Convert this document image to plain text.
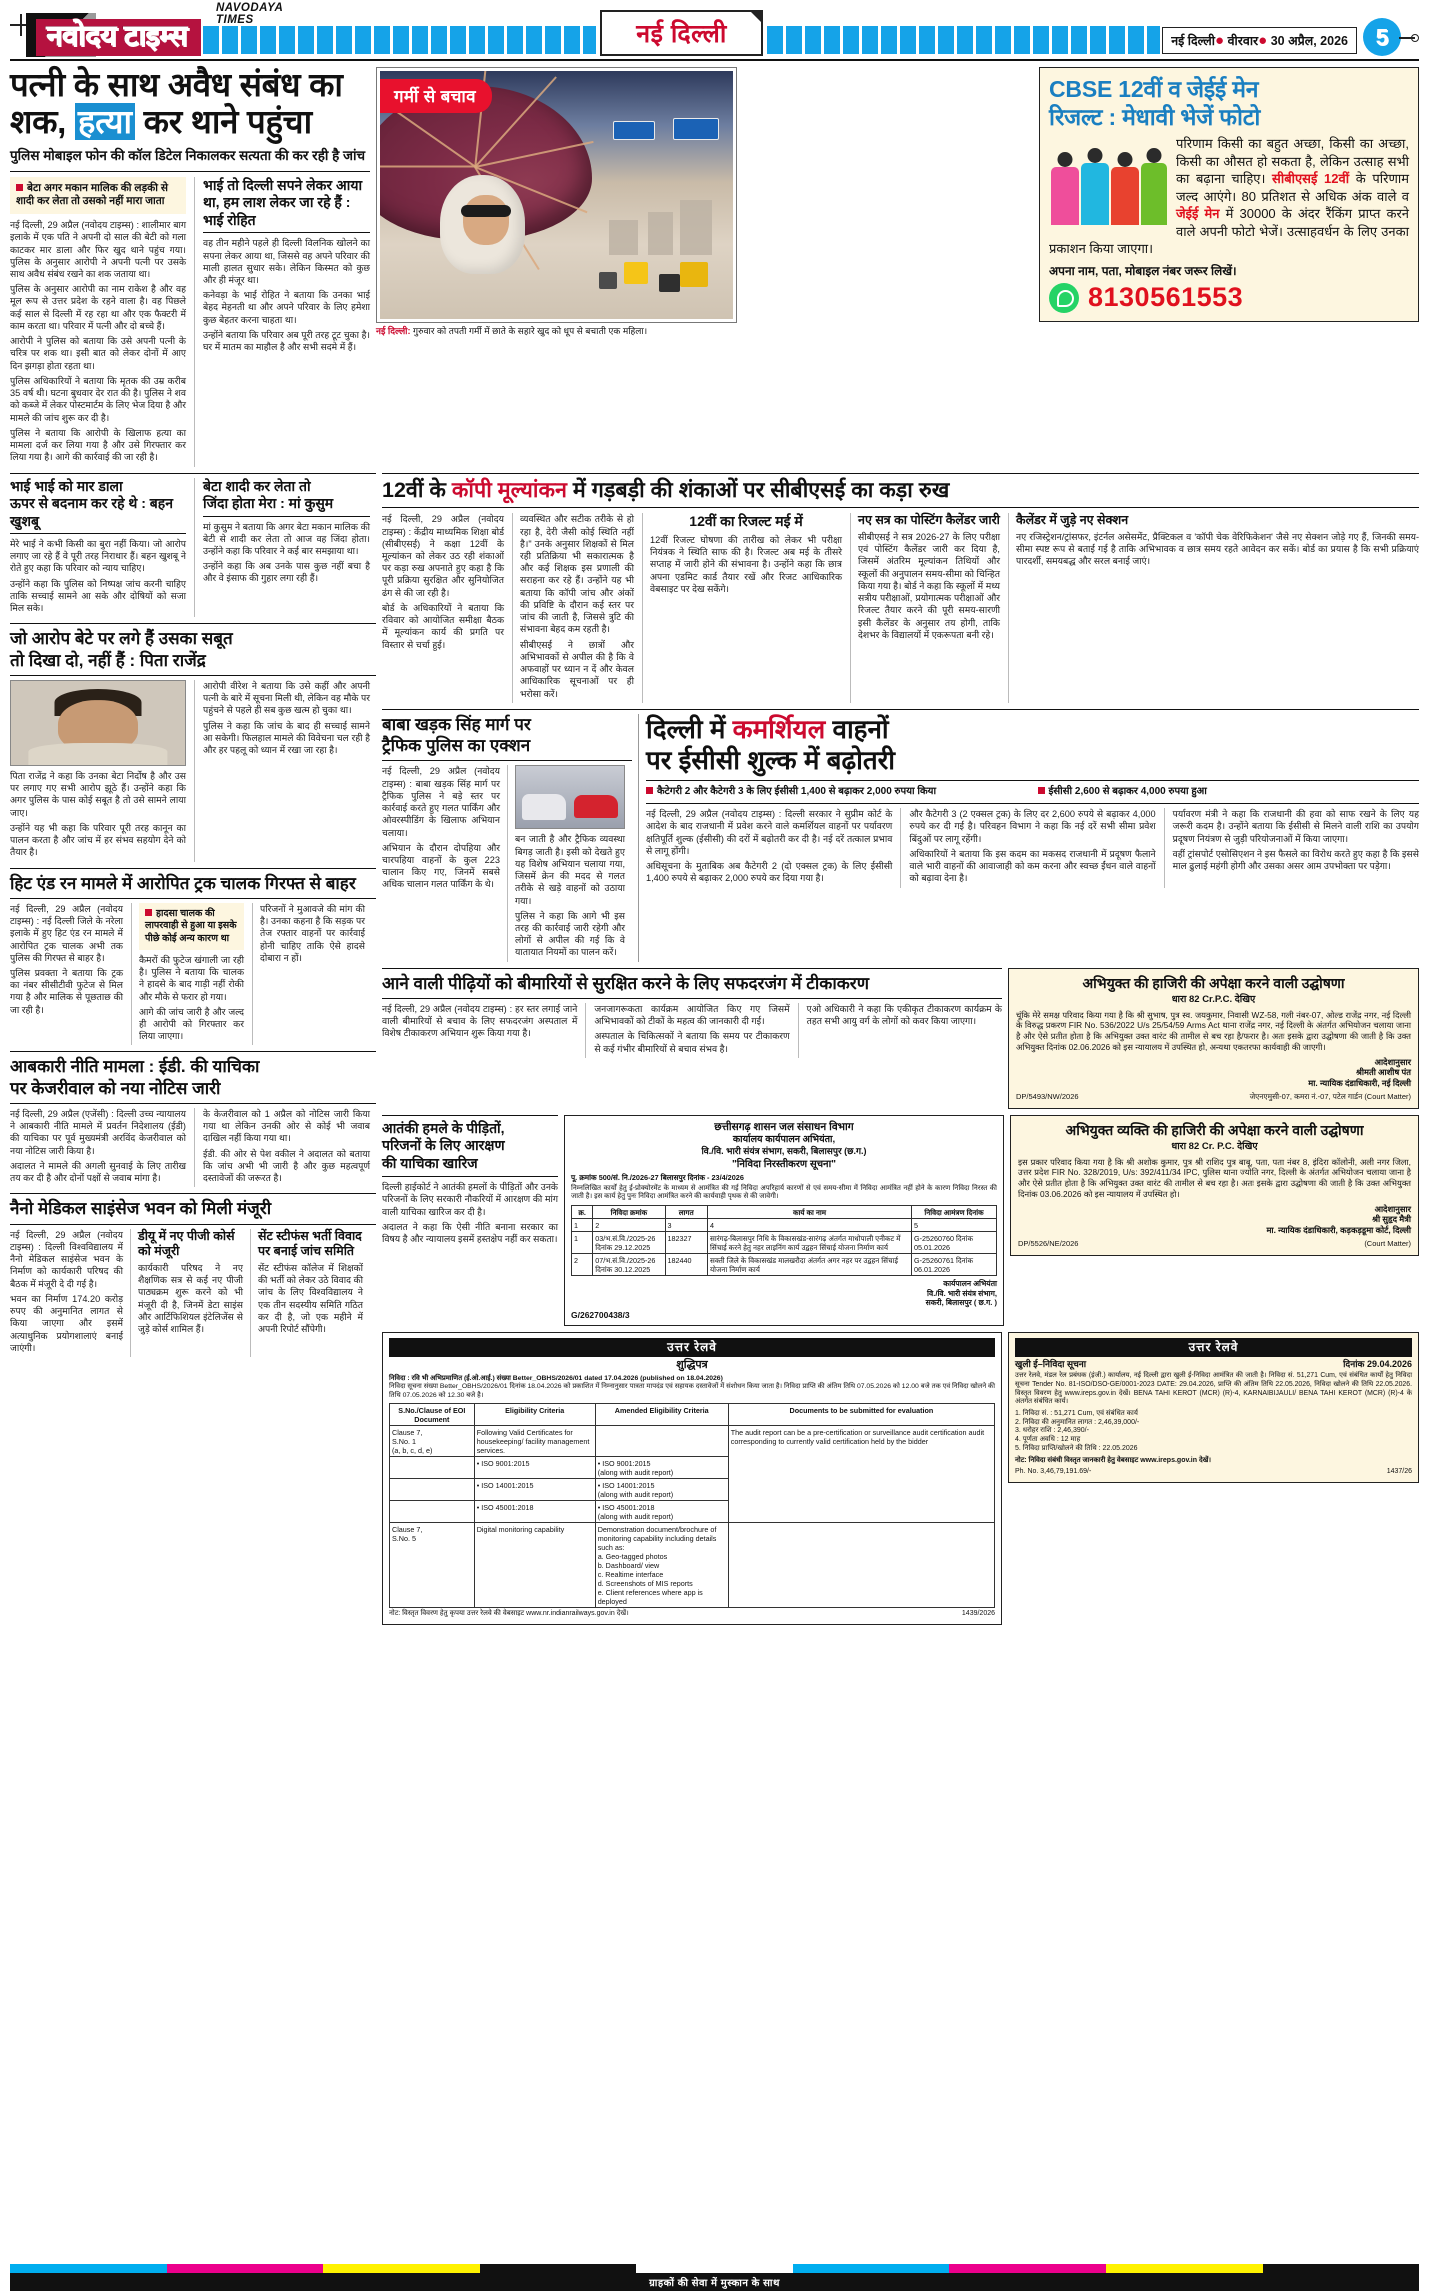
NAVODAYA TIMES
नवोदय टाइम्स	नई दिल्ली	नई दिल्ली● वीरवार● 30 अप्रैल, 2026	5
पत्नी के साथ अवैध संबंध का
शक, हत्या कर थाने पहुंचा
पुलिस मोबाइल फोन की कॉल डिटेल निकालकर सत्यता की कर रही है जांच
बेटा अगर मकान मालिक की लड़की से शादी कर लेता तो उसको नहीं मारा जाता

नई दिल्ली, 29 अप्रैल (नवोदय टाइम्स) : शालीमार बाग इलाके में एक पति ने अपनी दो साल की बेटी को गला काटकर मार डाला और फिर खुद थाने पहुंच गया। पुलिस के अनुसार आरोपी ने अपनी पत्नी पर उसके साथ अवैध संबंध रखने का शक जताया था।

पुलिस के अनुसार आरोपी का नाम राकेश है और वह मूल रूप से उत्तर प्रदेश के रहने वाला है। वह पिछले कई साल से दिल्ली में रह रहा था और एक फैक्टरी में काम करता था। परिवार में पत्नी और दो बच्चे हैं।

आरोपी ने पुलिस को बताया कि उसे अपनी पत्नी के चरित्र पर शक था। इसी बात को लेकर दोनों में आए दिन झगड़ा होता रहता था।

पुलिस अधिकारियों ने बताया कि मृतक की उम्र करीब 35 वर्ष थी। घटना बुधवार देर रात की है। पुलिस ने शव को कब्जे में लेकर पोस्टमार्टम के लिए भेज दिया है और मामले की जांच शुरू कर दी है।

पुलिस ने बताया कि आरोपी के खिलाफ हत्या का मामला दर्ज कर लिया गया है और उसे गिरफ्तार कर लिया गया है। आगे की कार्रवाई की जा रही है।

भाई तो दिल्ली सपने लेकर आया था, हम लाश लेकर जा रहे हैं : भाई रोहित

वह तीन महीने पहले ही दिल्ली विलनिक खोलने का सपना लेकर आया था, जिससे वह अपने परिवार की माली हालत सुधार सके। लेकिन किस्मत को कुछ और ही मंजूर था।

कनेवड़ा के भाई रोहित ने बताया कि उनका भाई बेहद मेहनती था और अपने परिवार के लिए हमेशा कुछ बेहतर करना चाहता था।

उन्होंने बताया कि परिवार अब पूरी तरह टूट चुका है। घर में मातम का माहौल है और सभी सदमे में हैं।

गर्मी से बचाव
नई दिल्ली: गुरुवार को तपती गर्मी में छाते के सहारे खुद को धूप से बचाती एक महिला।
CBSE 12वीं व जेईई मेन
रिजल्ट : मेधावी भेजें फोटो
परिणाम किसी का बहुत अच्छा, किसी का अच्छा, किसी का औसत हो सकता है, लेकिन उत्साह सभी का बढ़ाना चाहिए। सीबीएसई 12वीं के परिणाम जल्द आएंगे। 80 प्रतिशत से अधिक अंक वाले व जेईई मेन में 30000 के अंदर रैंकिंग प्राप्त करने वाले अपनी फोटो भेजें। उत्साहवर्धन के लिए उनका प्रकाशन किया जाएगा।
अपना नाम, पता, मोबाइल नंबर जरूर लिखें।
8130561553
भाई भाई को मार डाला
ऊपर से बदनाम कर रहे थे : बहन खुशबू

मेरे भाई ने कभी किसी का बुरा नहीं किया। जो आरोप लगाए जा रहे हैं वे पूरी तरह निराधार हैं। बहन खुशबू ने रोते हुए कहा कि परिवार को न्याय चाहिए।

उन्होंने कहा कि पुलिस को निष्पक्ष जांच करनी चाहिए ताकि सच्चाई सामने आ सके और दोषियों को सजा मिल सके।

बेटा शादी कर लेता तो
जिंदा होता मेरा : मां कुसुम

मां कुसुम ने बताया कि अगर बेटा मकान मालिक की बेटी से शादी कर लेता तो आज वह जिंदा होता। उन्होंने कहा कि परिवार ने कई बार समझाया था।

उन्होंने कहा कि अब उनके पास कुछ नहीं बचा है और वे इंसाफ की गुहार लगा रही हैं।

जो आरोप बेटे पर लगे हैं उसका सबूत
तो दिखा दो, नहीं हैं : पिता राजेंद्र

पिता राजेंद्र ने कहा कि उनका बेटा निर्दोष है और उस पर लगाए गए सभी आरोप झूठे हैं। उन्होंने कहा कि अगर पुलिस के पास कोई सबूत है तो उसे सामने लाया जाए।

उन्होंने यह भी कहा कि परिवार पूरी तरह कानून का पालन करता है और जांच में हर संभव सहयोग देने को तैयार है।

आरोपी वीरेश ने बताया कि उसे कहीं और अपनी पत्नी के बारे में सूचना मिली थी, लेकिन वह मौके पर पहुंचने से पहले ही सब कुछ खत्म हो चुका था।

पुलिस ने कहा कि जांच के बाद ही सच्चाई सामने आ सकेगी। फिलहाल मामले की विवेचना चल रही है और हर पहलू को ध्यान में रखा जा रहा है।

हिट एंड रन मामले में आरोपित ट्रक चालक गिरफ्त से बाहर

नई दिल्ली, 29 अप्रैल (नवोदय टाइम्स) : नई दिल्ली जिले के नरेला इलाके में हुए हिट एंड रन मामले में आरोपित ट्रक चालक अभी तक पुलिस की गिरफ्त से बाहर है।

पुलिस प्रवक्ता ने बताया कि ट्रक का नंबर सीसीटीवी फुटेज से मिल गया है और मालिक से पूछताछ की जा रही है।

हादसा चालक की लापरवाही से हुआ या इसके पीछे कोई अन्य कारण था

कैमरों की फुटेज खंगाली जा रही है। पुलिस ने बताया कि चालक ने हादसे के बाद गाड़ी नहीं रोकी और मौके से फरार हो गया।

आगे की जांच जारी है और जल्द ही आरोपी को गिरफ्तार कर लिया जाएगा।

परिजनों ने मुआवजे की मांग की है। उनका कहना है कि सड़क पर तेज रफ्तार वाहनों पर कार्रवाई होनी चाहिए ताकि ऐसे हादसे दोबारा न हों।

आबकारी नीति मामला : ईडी. की याचिका
पर केजरीवाल को नया नोटिस जारी

नई दिल्ली, 29 अप्रैल (एजेंसी) : दिल्ली उच्च न्यायालय ने आबकारी नीति मामले में प्रवर्तन निदेशालय (ईडी) की याचिका पर पूर्व मुख्यमंत्री अरविंद केजरीवाल को नया नोटिस जारी किया है।

अदालत ने मामले की अगली सुनवाई के लिए तारीख तय कर दी है और दोनों पक्षों से जवाब मांगा है।

के केजरीवाल को 1 अप्रैल को नोटिस जारी किया गया था लेकिन उनकी ओर से कोई भी जवाब दाखिल नहीं किया गया था।

ईडी. की ओर से पेश वकील ने अदालत को बताया कि जांच अभी भी जारी है और कुछ महत्वपूर्ण दस्तावेजों की जरूरत है।

नैनो मेडिकल साइंसेज भवन को मिली मंजूरी

नई दिल्ली, 29 अप्रैल (नवोदय टाइम्स) : दिल्ली विश्वविद्यालय में नैनो मेडिकल साइंसेज भवन के निर्माण को कार्यकारी परिषद की बैठक में मंजूरी दे दी गई है।

भवन का निर्माण 174.20 करोड़ रुपए की अनुमानित लागत से किया जाएगा और इसमें अत्याधुनिक प्रयोगशालाएं बनाई जाएंगी।

डीयू में नए पीजी कोर्स को मंजूरी

कार्यकारी परिषद ने नए शैक्षणिक सत्र से कई नए पीजी पाठ्यक्रम शुरू करने को भी मंजूरी दी है, जिनमें डेटा साइंस और आर्टिफिशियल इंटेलिजेंस से जुड़े कोर्स शामिल हैं।

सेंट स्टीफंस भर्ती विवाद पर बनाई जांच समिति

सेंट स्टीफंस कॉलेज में शिक्षकों की भर्ती को लेकर उठे विवाद की जांच के लिए विश्वविद्यालय ने एक तीन सदस्यीय समिति गठित कर दी है, जो एक महीने में अपनी रिपोर्ट सौंपेगी।

12वीं के कॉपी मूल्यांकन में गड़बड़ी की शंकाओं पर सीबीएसई का कड़ा रुख

नई दिल्ली, 29 अप्रैल (नवोदय टाइम्स) : केंद्रीय माध्यमिक शिक्षा बोर्ड (सीबीएसई) ने कक्षा 12वीं के मूल्यांकन को लेकर उठ रही शंकाओं पर कड़ा रुख अपनाते हुए कहा है कि पूरी प्रक्रिया सुरक्षित और सुनियोजित ढंग से की जा रही है।

बोर्ड के अधिकारियों ने बताया कि रविवार को आयोजित समीक्षा बैठक में मूल्यांकन कार्य की प्रगति पर विस्तार से चर्चा हुई।

व्यवस्थित और सटीक तरीके से हो रहा है, देरी जैसी कोई स्थिति नहीं है।" उनके अनुसार शिक्षकों से मिल रही प्रतिक्रिया भी सकारात्मक है और कई शिक्षक इस प्रणाली की सराहना कर रहे हैं। उन्होंने यह भी बताया कि कॉपी जांच और अंकों की प्रविष्टि के दौरान कई स्तर पर जांच की जाती है, जिससे त्रुटि की संभावना बेहद कम रहती है।

सीबीएसई ने छात्रों और अभिभावकों से अपील की है कि वे अफवाहों पर ध्यान न दें और केवल आधिकारिक सूचनाओं पर ही भरोसा करें।

12वीं का रिजल्ट मई में

12वीं रिजल्ट घोषणा की तारीख को लेकर भी परीक्षा नियंत्रक ने स्थिति साफ की है। रिजल्ट अब मई के तीसरे सप्ताह में जारी होने की संभावना है। उन्होंने कहा कि छात्र अपना एडमिट कार्ड तैयार रखें और रिजट आधिकारिक वेबसाइट पर देख सकेंगे।

नए सत्र का पोस्टिंग कैलेंडर जारी

सीबीएसई ने सत्र 2026-27 के लिए परीक्षा एवं पोस्टिंग कैलेंडर जारी कर दिया है, जिसमें अंतरिम मूल्यांकन तिथियों और स्कूलों की अनुपालन समय-सीमा को चिन्हित किया गया है। बोर्ड ने कहा कि स्कूलों में मध्य सत्रीय परीक्षाओं, प्रयोगात्मक परीक्षाओं और रिजल्ट तैयार करने की पूरी समय-सारणी इसी कैलेंडर के अनुसार तय होगी, ताकि देशभर के विद्यालयों में एकरूपता बनी रहे।

कैलेंडर में जुड़े नए सेक्शन

नए रजिस्ट्रेशन/ट्रांसफर, इंटर्नल असेसमेंट, प्रैक्टिकल व 'कॉपी चेक वेरिफिकेशन' जैसे नए सेक्शन जोड़े गए हैं, जिनकी समय-सीमा स्पष्ट रूप से बताई गई है ताकि अभिभावक व छात्र समय रहते आवेदन कर सकें। बोर्ड का प्रयास है कि सभी प्रक्रियाएं पारदर्शी, समयबद्ध और सरल बनाई जाएं।

बाबा खड़क सिंह मार्ग पर
ट्रैफिक पुलिस का एक्शन

नई दिल्ली, 29 अप्रैल (नवोदय टाइम्स) : बाबा खड़क सिंह मार्ग पर ट्रैफिक पुलिस ने बड़े स्तर पर कार्रवाई करते हुए गलत पार्किंग और ओवरस्पीडिंग के खिलाफ अभियान चलाया।

अभियान के दौरान दोपहिया और चारपहिया वाहनों के कुल 223 चालान किए गए, जिनमें सबसे अधिक चालान गलत पार्किंग के थे।

बन जाती है और ट्रैफिक व्यवस्था बिगड़ जाती है। इसी को देखते हुए यह विशेष अभियान चलाया गया, जिसमें क्रेन की मदद से गलत तरीके से खड़े वाहनों को उठाया गया।

पुलिस ने कहा कि आगे भी इस तरह की कार्रवाई जारी रहेगी और लोगों से अपील की गई कि वे यातायात नियमों का पालन करें।

दिल्ली में कमर्शियल वाहनों
पर ईसीसी शुल्क में बढ़ोतरी
कैटेगरी 2 और कैटेगरी 3 के लिए ईसीसी 1,400 से बढ़ाकर 2,000 रुपया किया	ईसीसी 2,600 से बढ़ाकर 4,000 रुपया हुआ

नई दिल्ली, 29 अप्रैल (नवोदय टाइम्स) : दिल्ली सरकार ने सुप्रीम कोर्ट के आदेश के बाद राजधानी में प्रवेश करने वाले कमर्शियल वाहनों पर पर्यावरण क्षतिपूर्ति शुल्क (ईसीसी) की दरों में बढ़ोतरी कर दी है। नई दरें तत्काल प्रभाव से लागू होंगी।

अधिसूचना के मुताबिक अब कैटेगरी 2 (दो एक्सल ट्रक) के लिए ईसीसी 1,400 रुपये से बढ़ाकर 2,000 रुपये कर दिया गया है।

और कैटेगरी 3 (2 एक्सल ट्रक) के लिए दर 2,600 रुपये से बढ़ाकर 4,000 रुपये कर दी गई है। परिवहन विभाग ने कहा कि नई दरें सभी सीमा प्रवेश बिंदुओं पर लागू रहेंगी।

अधिकारियों ने बताया कि इस कदम का मकसद राजधानी में प्रदूषण फैलाने वाले भारी वाहनों की आवाजाही को कम करना और स्वच्छ ईंधन वाले वाहनों को बढ़ावा देना है।

पर्यावरण मंत्री ने कहा कि राजधानी की हवा को साफ रखने के लिए यह जरूरी कदम है। उन्होंने बताया कि ईसीसी से मिलने वाली राशि का उपयोग प्रदूषण नियंत्रण से जुड़ी परियोजनाओं में किया जाएगा।

वहीं ट्रांसपोर्ट एसोसिएशन ने इस फैसले का विरोध करते हुए कहा है कि इससे माल ढुलाई महंगी होगी और उसका असर आम उपभोक्ता पर पड़ेगा।

आने वाली पीढ़ियों को बीमारियों से सुरक्षित करने के लिए सफदरजंग में टीकाकरण

नई दिल्ली, 29 अप्रैल (नवोदय टाइम्स) : हर स्तर लगाई जाने वाली बीमारियों से बचाव के लिए सफदरजंग अस्पताल में विशेष टीकाकरण अभियान शुरू किया गया है।

जनजागरूकता कार्यक्रम आयोजित किए गए जिसमें अभिभावकों को टीकों के महत्व की जानकारी दी गई।

अस्पताल के चिकित्सकों ने बताया कि समय पर टीकाकरण से कई गंभीर बीमारियों से बचाव संभव है।

एओ अधिकारी ने कहा कि एकीकृत टीकाकरण कार्यक्रम के तहत सभी आयु वर्ग के लोगों को कवर किया जाएगा।

अभियुक्त की हाजिरी की अपेक्षा करने वाली उद्घोषणा
धारा 82 Cr.P.C. देखिए
चूंकि मेरे समक्ष परिवाद किया गया है कि श्री सुभाष, पुत्र स्व. जयकुमार, निवासी WZ-58, गली नंबर-07, ओल्ड राजेंद्र नगर, नई दिल्ली के विरुद्ध प्रकरण FIR No. 536/2022 U/s 25/54/59 Arms Act थाना राजेंद्र नगर, नई दिल्ली के अंतर्गत अभियोजन चलाया जाना है और ऐसे प्रतीत होता है कि अभियुक्त उक्त वारंट की तामील से बच रहा है/फरार है। अतः इसके द्वारा उद्घोषणा की जाती है कि उक्त अभियुक्त दिनांक 02.06.2026 को इस न्यायालय में उपस्थित हो, अन्यथा एकतरफा कार्यवाही की जाएगी।
आदेशानुसार
श्रीमती आशीष पंत
मा. न्यायिक दंडाधिकारी, नई दिल्ली
DP/5493/NW/2026	जेएनएमुसी-07, कमरा नं.-07, पटेल गार्डन (Court Matter)
आतंकी हमले के पीड़ितों,
परिजनों के लिए आरक्षण
की याचिका खारिज

दिल्ली हाईकोर्ट ने आतंकी हमलों के पीड़ितों और उनके परिजनों के लिए सरकारी नौकरियों में आरक्षण की मांग वाली याचिका खारिज कर दी है।

अदालत ने कहा कि ऐसी नीति बनाना सरकार का विषय है और न्यायालय इसमें हस्तक्षेप नहीं कर सकता।

छत्तीसगढ़ शासन जल संसाधन विभाग
कार्यालय कार्यपालन अभियंता,
वि./वि. भारी संयंत्र संभाग, सकरी, बिलासपुर (छ.ग.)
"निविदा निरस्तीकरण सूचना"
पू. क्रमांक 500/सं. नि./2026-27 बिलासपुर दिनांक - 23/4/2026
निम्नलिखित कार्यों हेतु ई-प्रोक्योरमेंट के माध्यम से आमंत्रित की गई निविदा अपरिहार्य कारणों से एवं समय-सीमा में निविदा आमंत्रित नहीं होने के कारण निविदा निरस्त की जाती है। इस कार्य हेतु पुनः निविदा आमंत्रित करने की कार्यवाही पृथक से की जावेगी।
क्र.	निविदा क्रमांक	लागत	कार्य का नाम	निविदा आमंत्रण दिनांक
1	2	3	4	5
1	03/भ.सं.वि./2025-26 दिनांक 29.12.2025	182327	सारंगढ़-बिलासपुर निधि के विकासखंड-सारंगढ़ अंतर्गत माधोपाली एनीकट में सिंचाई करने हेतु नहर लाइनिंग कार्य उद्वहन सिंचाई योजना निर्माण कार्य	G-25260760 दिनांक 05.01.2026
2	07/भ.सं.वि./2025-26 दिनांक 30.12.2025	182440	सक्ती जिले के विकासखंड मालखरौदा अंतर्गत अगर नहर पर उद्वहन सिंचाई योजना निर्माण कार्य	G-25260761 दिनांक 06.01.2026
कार्यपालन अभियंता
वि./वि. भारी संयंत्र संभाग,
सकरी, बिलासपुर ( छ.ग. )
G/262700438/3
अभियुक्त व्यक्ति की हाजिरी की अपेक्षा करने वाली उद्घोषणा
धारा 82 Cr. P.C. देखिए
इस प्रकार परिवाद किया गया है कि श्री अशोक कुमार, पुत्र श्री राशिद पुत्र बाबू, पता, पता नंबर 8, इंदिरा कॉलोनी, अली नगर जिला, उत्तर प्रदेश FIR No. 328/2019, U/s: 392/411/34 IPC, पुलिस थाना ज्योति नगर, दिल्ली के अंतर्गत अभियोजन चलाया जाना है और ऐसे प्रतीत होता है कि अभियुक्त उक्त वारंट की तामील से बच रहा है। अतः इसके द्वारा उद्घोषणा की जाती है कि उक्त अभियुक्त दिनांक 03.06.2026 को इस न्यायालय में उपस्थित हो।
आदेशानुसार
श्री सुहृद मैत्री
मा. न्यायिक दंडाधिकारी, कड़कड़डूमा कोर्ट, दिल्ली
DP/5526/NE/2026	(Court Matter)
उत्तर रेलवे
शुद्धिपत्र
निविदा : रवि भी अभिप्रमाणित (ई.ओ.आई.) संख्या Better_OBHS/2026/01 dated 17.04.2026 (published on 18.04.2026)
निविदा सूचना संख्या Better_OBHS/2026/01 दिनांक 18.04.2026 को प्रकाशित में निम्नानुसार पात्रता मापदंड एवं सहायक दस्तावेजों में संशोधन किया जाता है। निविदा प्राप्ति की अंतिम तिथि 07.05.2026 को 12.00 बजे तक एवं निविदा खोलने की तिथि 07.05.2026 को 12.30 बजे है।
S.No./Clause of EOI Document	Eligibility Criteria	Amended Eligibility Criteria	Documents to be submitted for evaluation
Clause 7,
S.No. 1
(a, b, c, d, e)	Following Valid Certificates for housekeeping/ facility management services.		The audit report can be a pre-certification or surveillance audit certification audit corresponding to currently valid certification held by the bidder
	• ISO 9001:2015	• ISO 9001:2015
(along with audit report)	
	• ISO 14001:2015	• ISO 14001:2015
(along with audit report)	
	• ISO 45001:2018	• ISO 45001:2018
(along with audit report)	
Clause 7,
S.No. 5	Digital monitoring capability	Demonstration document/brochure of monitoring capability including details such as:
a. Geo-tagged photos
b. Dashboard/ view
c. Realtime interface
d. Screenshots of MIS reports
e. Client references where app is deployed	
नोट: विस्तृत विवरण हेतु कृपया उत्तर रेलवे की वेबसाइट www.nr.indianrailways.gov.in देखें।	1439/2026
उत्तर रेलवे
खुली ई–निविदा सूचना	दिनांक 29.04.2026
उत्तर रेलवे, मंडल रेल प्रबंधक (इंजी.) कार्यालय, नई दिल्ली द्वारा खुली ई-निविदा आमंत्रित की जाती है। निविदा सं. 51,271 Cum, एवं संबंधित कार्यों हेतु निविदा सूचना Tender No. 81-ISO/DSO-GE/0001-2023 DATE: 29.04.2026, प्राप्ति की अंतिम तिथि 22.05.2026, निविदा खोलने की तिथि 22.05.2026. विस्तृत विवरण हेतु www.ireps.gov.in देखें। BENA TAHI KEROT (MCR) (R)-4, KARNAIBIJAULI/ BENA TAHI KEROT (MCR) (R)-4 के अंतर्गत संबंधित कार्य।
1. निविदा सं. : 51,271 Cum, एवं संबंधित कार्य
2. निविदा की अनुमानित लागत : 2,46,39,000/-
3. धरोहर राशि : 2,46,390/-
4. पूर्णता अवधि : 12 माह
5. निविदा प्राप्ति/खोलने की तिथि : 22.05.2026
नोट: निविदा संबंधी विस्तृत जानकारी हेतु वेबसाइट www.ireps.gov.in देखें।
Ph. No. 3,46,79,191.69/-	1437/26
ग्राहकों की सेवा में मुस्कान के साथ
